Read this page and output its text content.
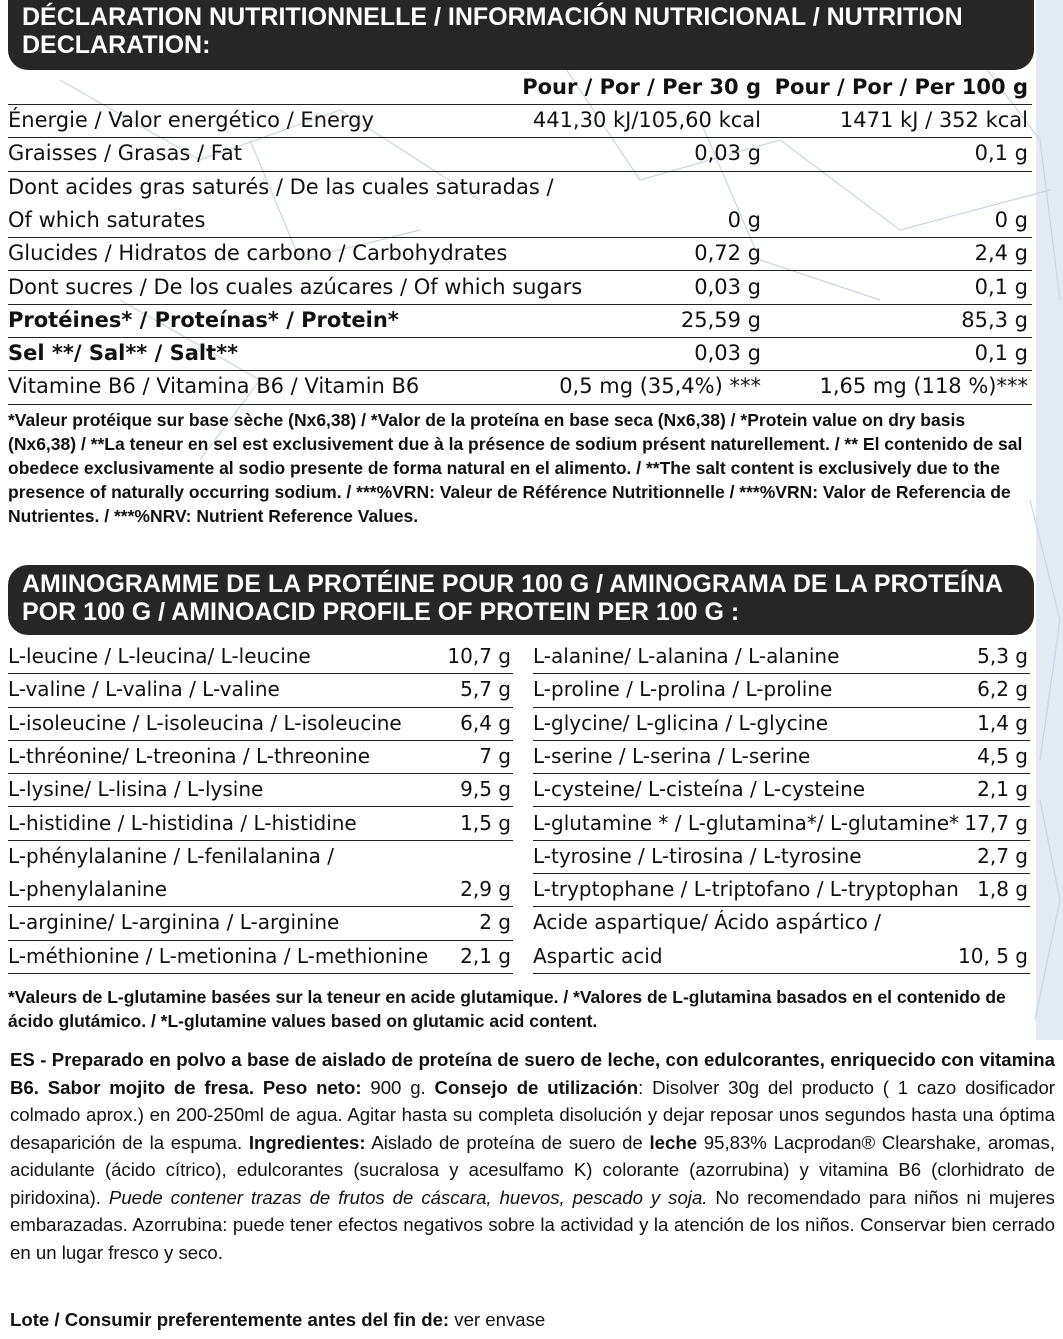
DÉCLARATION NUTRITIONNELLE / INFORMACIÓN NUTRICIONAL / NUTRITION DECLARATION:
Pour / Por / Per 30 g Pour / Por / Per 100 g
Énergie / Valor energético / Energy	441,30 kJ/105,60 kcal	1471 kJ / 352 kcal
Graisses / Grasas / Fat	0,03 g	0,1 g
Dont acides gras saturés / De las cuales saturadas /
Of which saturates	0 g	0 g
Glucides / Hidratos de carbono / Carbohydrates	0,72 g	2,4 g
Dont sucres / De los cuales azúcares / Of which sugars	0,03 g	0,1 g
Protéines* / Proteínas* / Protein*	25,59 g	85,3 g
Sel **/ Sal** / Salt**	0,03 g	0,1 g
Vitamine B6 / Vitamina B6 / Vitamin B6	0,5 mg (35,4%) ***	1,65 mg (118 %)***
*Valeur protéique sur base sèche (Nx6,38) / *Valor de la proteína en base seca (Nx6,38) / *Protein value on dry basis (Nx6,38) / **La teneur en sel est exclusivement due à la présence de sodium présent naturellement. / ** El contenido de sal obedece exclusivamente al sodio presente de forma natural en el alimento. / **The salt content is exclusively due to the presence of naturally occurring sodium. / ***%VRN: Valeur de Référence Nutritionnelle / ***%VRN: Valor de Referencia de Nutrientes. / ***%NRV: Nutrient Reference Values.
AMINOGRAMME DE LA PROTÉINE POUR 100 G / AMINOGRAMA DE LA PROTEÍNA POR 100 G / AMINOACID PROFILE OF PROTEIN PER 100 G :
L-leucine / L-leucina/ L-leucine	10,7 g
L-valine / L-valina / L-valine	5,7 g
L-isoleucine / L-isoleucina / L-isoleucine	6,4 g
L-thréonine/ L-treonina / L-threonine	7 g
L-lysine/ L-lisina / L-lysine	9,5 g
L-histidine / L-histidina / L-histidine	1,5 g
L-phénylalanine / L-fenilalanina /
L-phenylalanine	2,9 g
L-arginine/ L-arginina / L-arginine	2 g
L-méthionine / L-metionina / L-methionine 2,1 g
L-alanine/ L-alanina / L-alanine	5,3 g
L-proline / L-prolina / L-proline	6,2 g
L-glycine/ L-glicina / L-glycine	1,4 g
L-serine / L-serina / L-serine	4,5 g
L-cysteine/ L-cisteína / L-cysteine	2,1 g
L-glutamine * / L-glutamina*/ L-glutamine* 17,7 g
L-tyrosine / L-tirosina / L-tyrosine	2,7 g
L-tryptophane / L-triptofano / L-tryptophan 1,8 g
Acide aspartique/ Ácido aspártico /
Aspartic acid	10, 5 g
*Valeurs de L-glutamine basées sur la teneur en acide glutamique. / *Valores de L-glutamina basados en el contenido de ácido glutámico. / *L-glutamine values based on glutamic acid content.

ES - Preparado en polvo a base de aislado de proteína de suero de leche, con edulcorantes, enriquecido con vitamina B6. Sabor mojito de fresa. Peso neto: 900 g. Consejo de utilización: Disolver 30g del producto ( 1 cazo dosificador colmado aprox.) en 200-250ml de agua. Agitar hasta su completa disolución y dejar reposar unos segundos hasta una óptima desaparición de la espuma. Ingredientes: Aislado de proteína de suero de leche 95,83% Lacprodan® Clearshake, aromas, acidulante (ácido cítrico), edulcorantes (sucralosa y acesulfamo K) colorante (azorrubina) y vitamina B6 (clorhidrato de piridoxina). Puede contener trazas de frutos de cáscara, huevos, pescado y soja. No recomendado para niños ni mujeres embarazadas. Azorrubina: puede tener efectos negativos sobre la actividad y la atención de los niños. Conservar bien cerrado en un lugar fresco y seco.

Lote / Consumir preferentemente antes del fin de: ver envase
